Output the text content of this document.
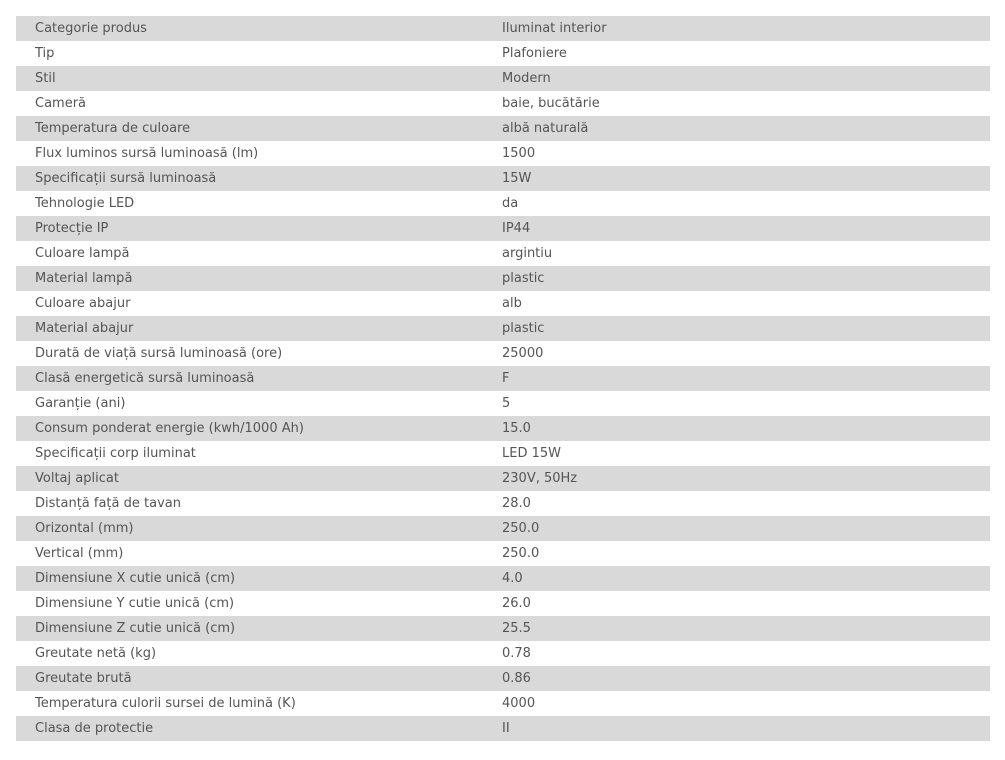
Categorie produs	Iluminat interior
Tip	Plafoniere
Stil	Modern
Cameră	baie, bucătărie
Temperatura de culoare	albă naturală
Flux luminos sursă luminoasă (lm)	1500
Specificații sursă luminoasă	15W
Tehnologie LED	da
Protecție IP	IP44
Culoare lampă	argintiu
Material lampă	plastic
Culoare abajur	alb
Material abajur	plastic
Durată de viață sursă luminoasă (ore)	25000
Clasă energetică sursă luminoasă	F
Garanție (ani)	5
Consum ponderat energie (kwh/1000 Ah)	15.0
Specificații corp iluminat	LED 15W
Voltaj aplicat	230V, 50Hz
Distanță față de tavan	28.0
Orizontal (mm)	250.0
Vertical (mm)	250.0
Dimensiune X cutie unică (cm)	4.0
Dimensiune Y cutie unică (cm)	26.0
Dimensiune Z cutie unică (cm)	25.5
Greutate netă (kg)	0.78
Greutate brută	0.86
Temperatura culorii sursei de lumină (K)	4000
Clasa de protectie	II
